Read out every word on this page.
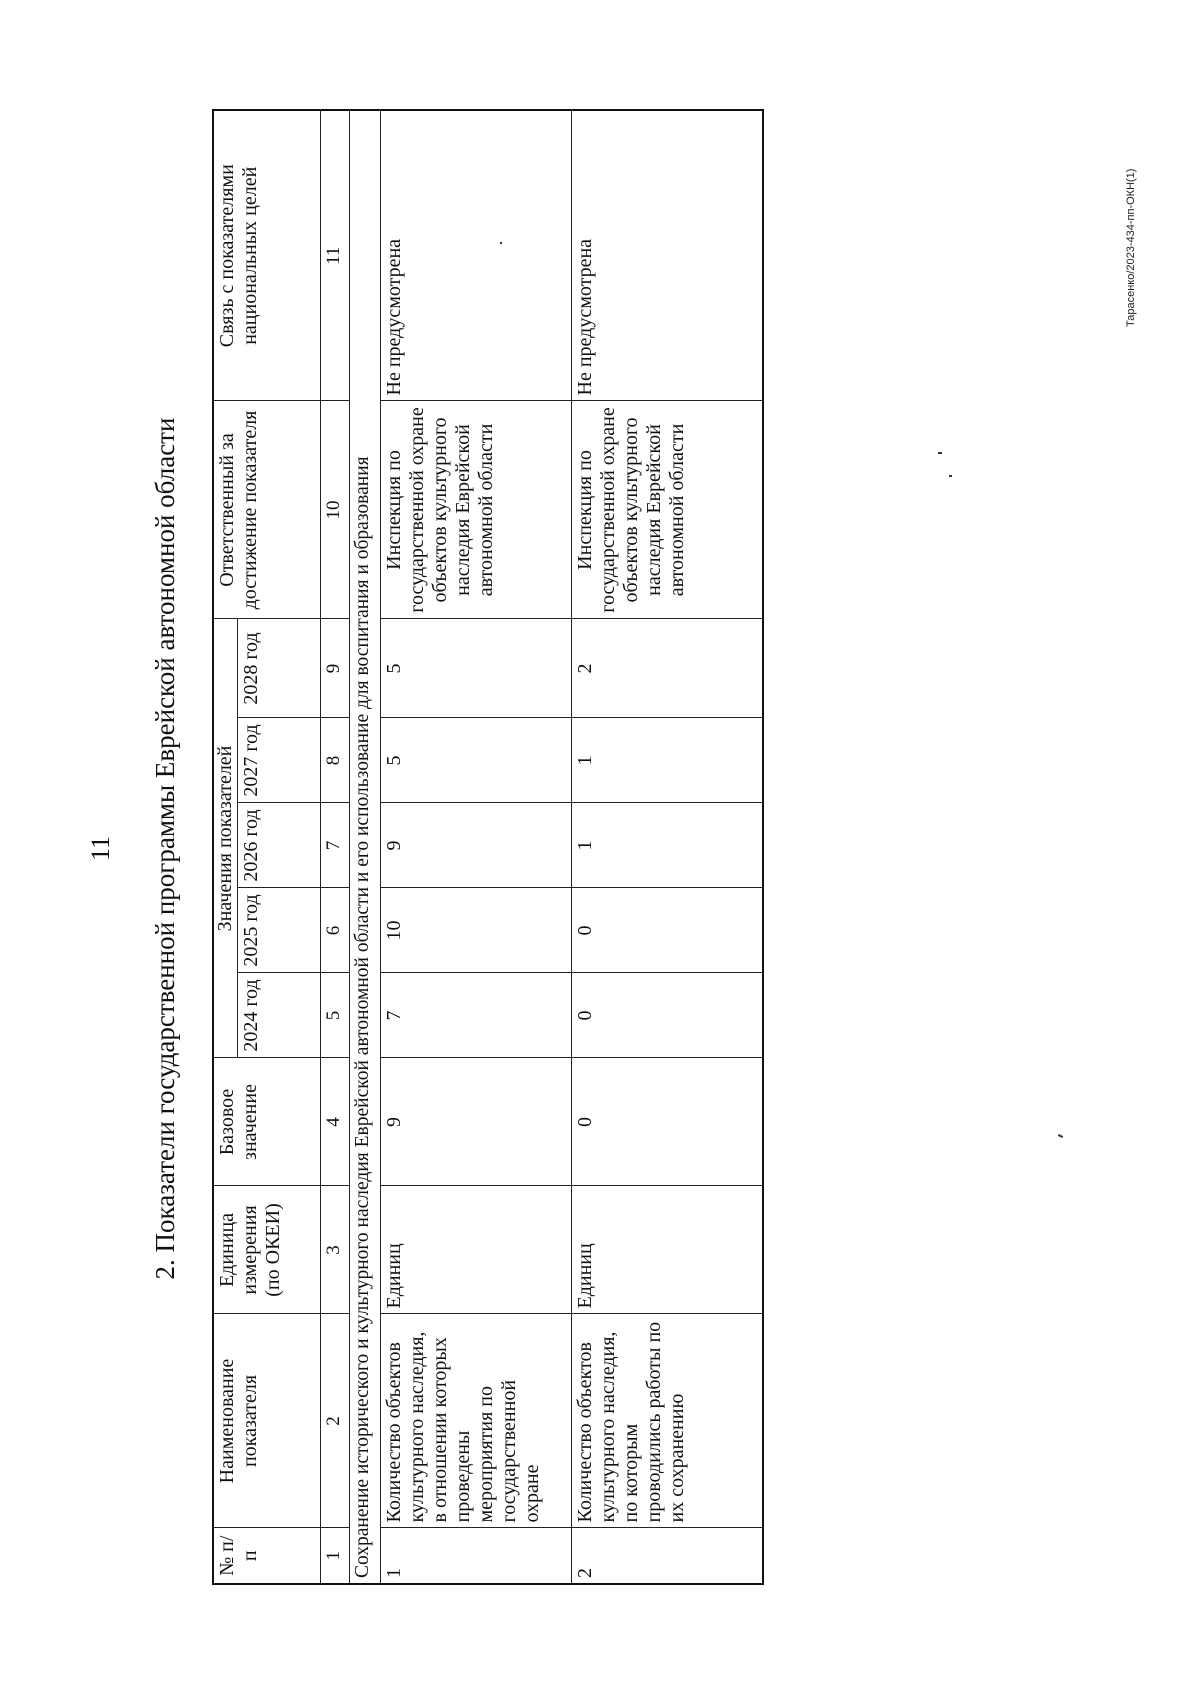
11 2. Показатели государственной программы Еврейской автономной области
№ п/п	Наименование показателя	Единица измерения (по ОКЕИ)	Базовое значение	Значения показателей					Ответственный за достижение показателя	Связь с показателями национальных целей
				2024 год	2025 год	2026 год	2027 год	2028 год		
1	2	3	4	5	6	7	8	9	10	11
Сохранение исторического и культурного наследия Еврейской автономной области и его использование для воспитания и образования										
1	Количество объектов культурного наследия, в отношении которых проведены мероприятия по государственной охране	Единиц	9	7	10	9	5	5	Инспекция по государственной охране объектов культурного наследия Еврейской автономной области	Не предусмотрена
2	Количество объектов культурного наследия, по которым проводились работы по их сохранению	Единиц	0	0	0	1	1	2	Инспекция по государственной охране объектов культурного наследия Еврейской автономной области	Не предусмотрена	Тарасенко/2023-434-пп-ОКН(1)
